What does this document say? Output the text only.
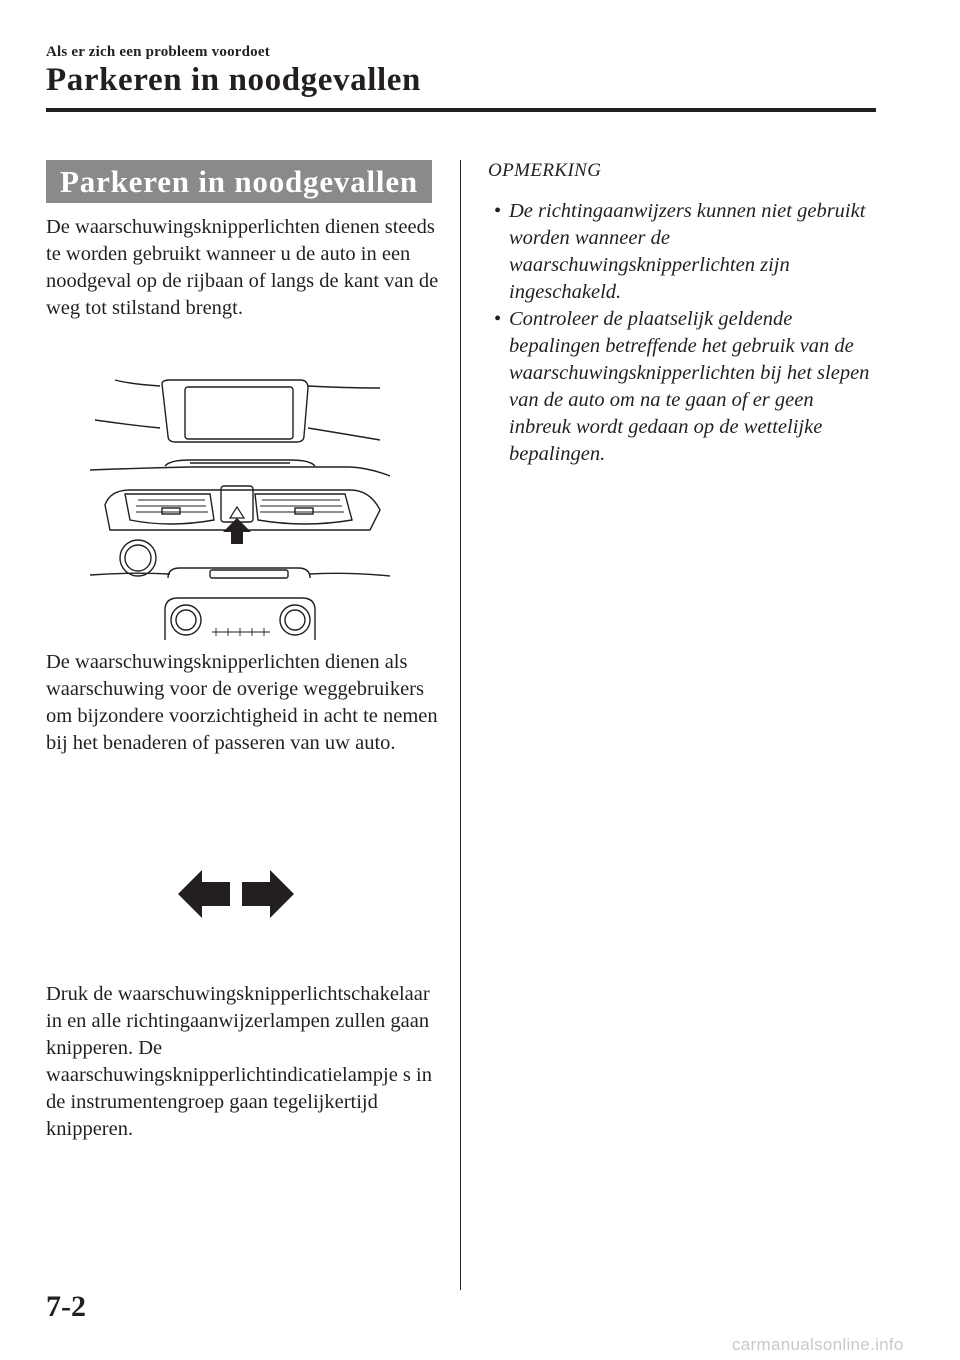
Als er zich een probleem voordoet
Parkeren in noodgevallen
Parkeren in noodgevallen

De waarschuwingsknipperlichten dienen steeds te worden gebruikt wanneer u de auto in een noodgeval op de rijbaan of langs de kant van de weg tot stilstand brengt.

De waarschuwingsknipperlichten dienen als waarschuwing voor de overige weggebruikers om bijzondere voorzichtigheid in acht te nemen bij het benaderen of passeren van uw auto.

Druk de waarschuwingsknipperlichtschakelaar in en alle richtingaanwijzerlampen zullen gaan knipperen. De waarschuwingsknipperlichtindicatielampje s in de instrumentengroep gaan tegelijkertijd knipperen.

OPMERKING
• De richtingaanwijzers kunnen niet gebruikt worden wanneer de waarschuwingsknipperlichten zijn ingeschakeld.
• Controleer de plaatselijk geldende bepalingen betreffende het gebruik van de waarschuwingsknipperlichten bij het slepen van de auto om na te gaan of er geen inbreuk wordt gedaan op de wettelijke bepalingen.
7-2
carmanualsonline.info
